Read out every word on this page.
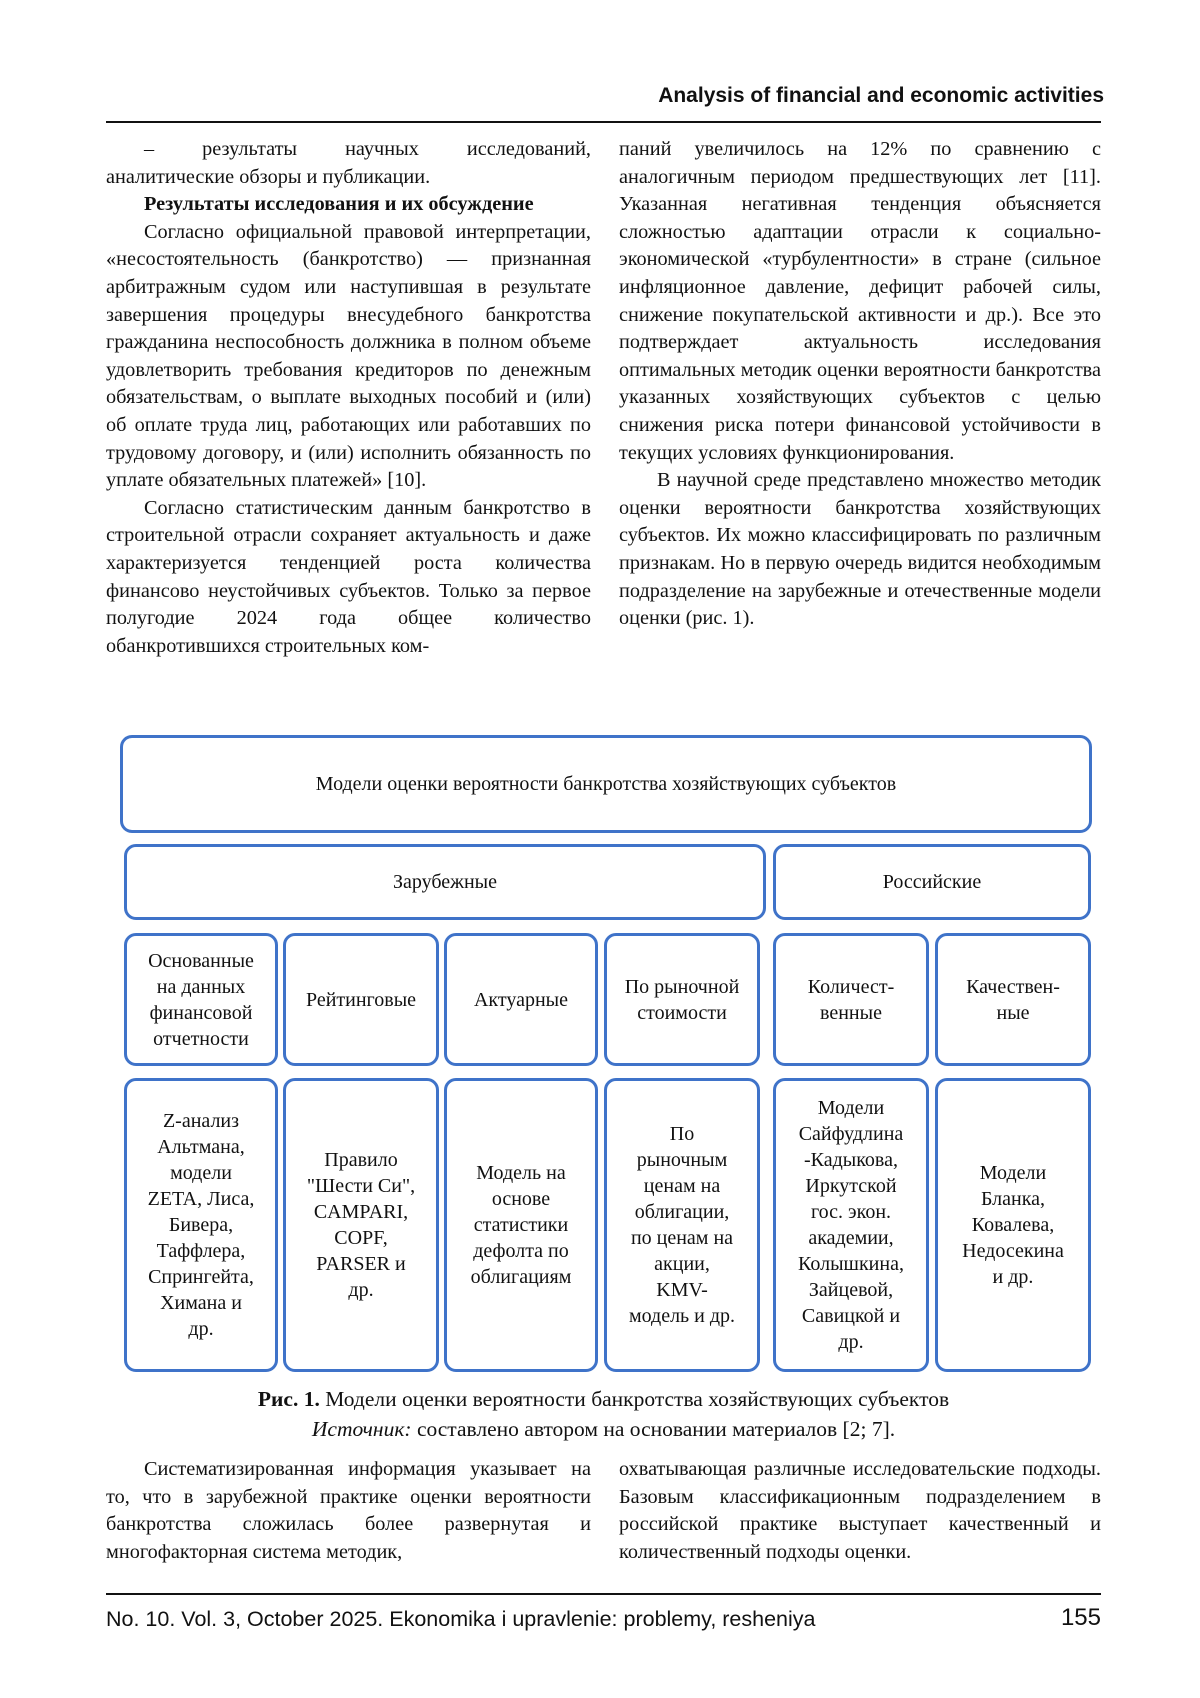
Analysis of financial and economic activities

– результаты научных исследований, аналитические обзоры и публикации.

Результаты исследования и их обсуждение

Согласно официальной правовой интерпретации, «несостоятельность (банкротство) — признанная арбитражным судом или наступившая в результате завершения процедуры внесудебного банкротства гражданина неспособность должника в полном объеме удовлетворить требования кредиторов по денежным обязательствам, о выплате выходных пособий и (или) об оплате труда лиц, работающих или работавших по трудовому договору, и (или) исполнить обязанность по уплате обязательных платежей» [10].

Согласно статистическим данным банкротство в строительной отрасли сохраняет актуальность и даже характеризуется тенденцией роста количества финансово неустойчивых субъектов. Только за первое полугодие 2024 года общее количество обанкротившихся строительных ком-

паний увеличилось на 12% по сравнению с аналогичным периодом предшествующих лет [11]. Указанная негативная тенденция объясняется сложностью адаптации отрасли к социально-экономической «турбулентности» в стране (сильное инфляционное давление, дефицит рабочей силы, снижение покупательской активности и др.). Все это подтверждает актуальность исследования оптимальных методик оценки вероятности банкротства указанных хозяйствующих субъектов с целью снижения риска потери финансовой устойчивости в текущих условиях функционирования.

В научной среде представлено множество методик оценки вероятности банкротства хозяйствующих субъектов. Их можно классифицировать по различным признакам. Но в первую очередь видится необходимым подразделение на зарубежные и отечественные модели оценки (рис. 1).

Модели оценки вероятности банкротства хозяйствующих субъектов
Зарубежные	Российские
Основанные
на данных
финансовой
отчетности
Рейтинговые	Актуарные
По рыночной
стоимости
Количест-
венные
Качествен-
ные
Z-анализ
Альтмана,
модели
ZETA, Лиса,
Бивера,
Таффлера,
Спрингейта,
Химана и
др.
Правило
"Шести Си",
CAMPARI,
COPF,
PARSER и
др.
Модель на
основе
статистики
дефолта по
облигациям
По
рыночным
ценам на
облигации,
по ценам на
акции,
KMV-
модель и др.
Модели
Сайфудлина
-Кадыкова,
Иркутской
гос. экон.
академии,
Колышкина,
Зайцевой,
Савицкой и
др.
Модели
Бланка,
Ковалева,
Недосекина
и др.
Рис. 1. Модели оценки вероятности банкротства хозяйствующих субъектов
Источник: составлено автором на основании материалов [2; 7].

Систематизированная информация указывает на то, что в зарубежной практике оценки вероятности банкротства сложилась более развернутая и многофакторная система методик,

охватывающая различные исследовательские подходы. Базовым классификационным подразделением в российской практике выступает качественный и количественный подходы оценки.

No. 10. Vol. 3, October 2025. Ekonomika i upravlenie: problemy, resheniya	155
